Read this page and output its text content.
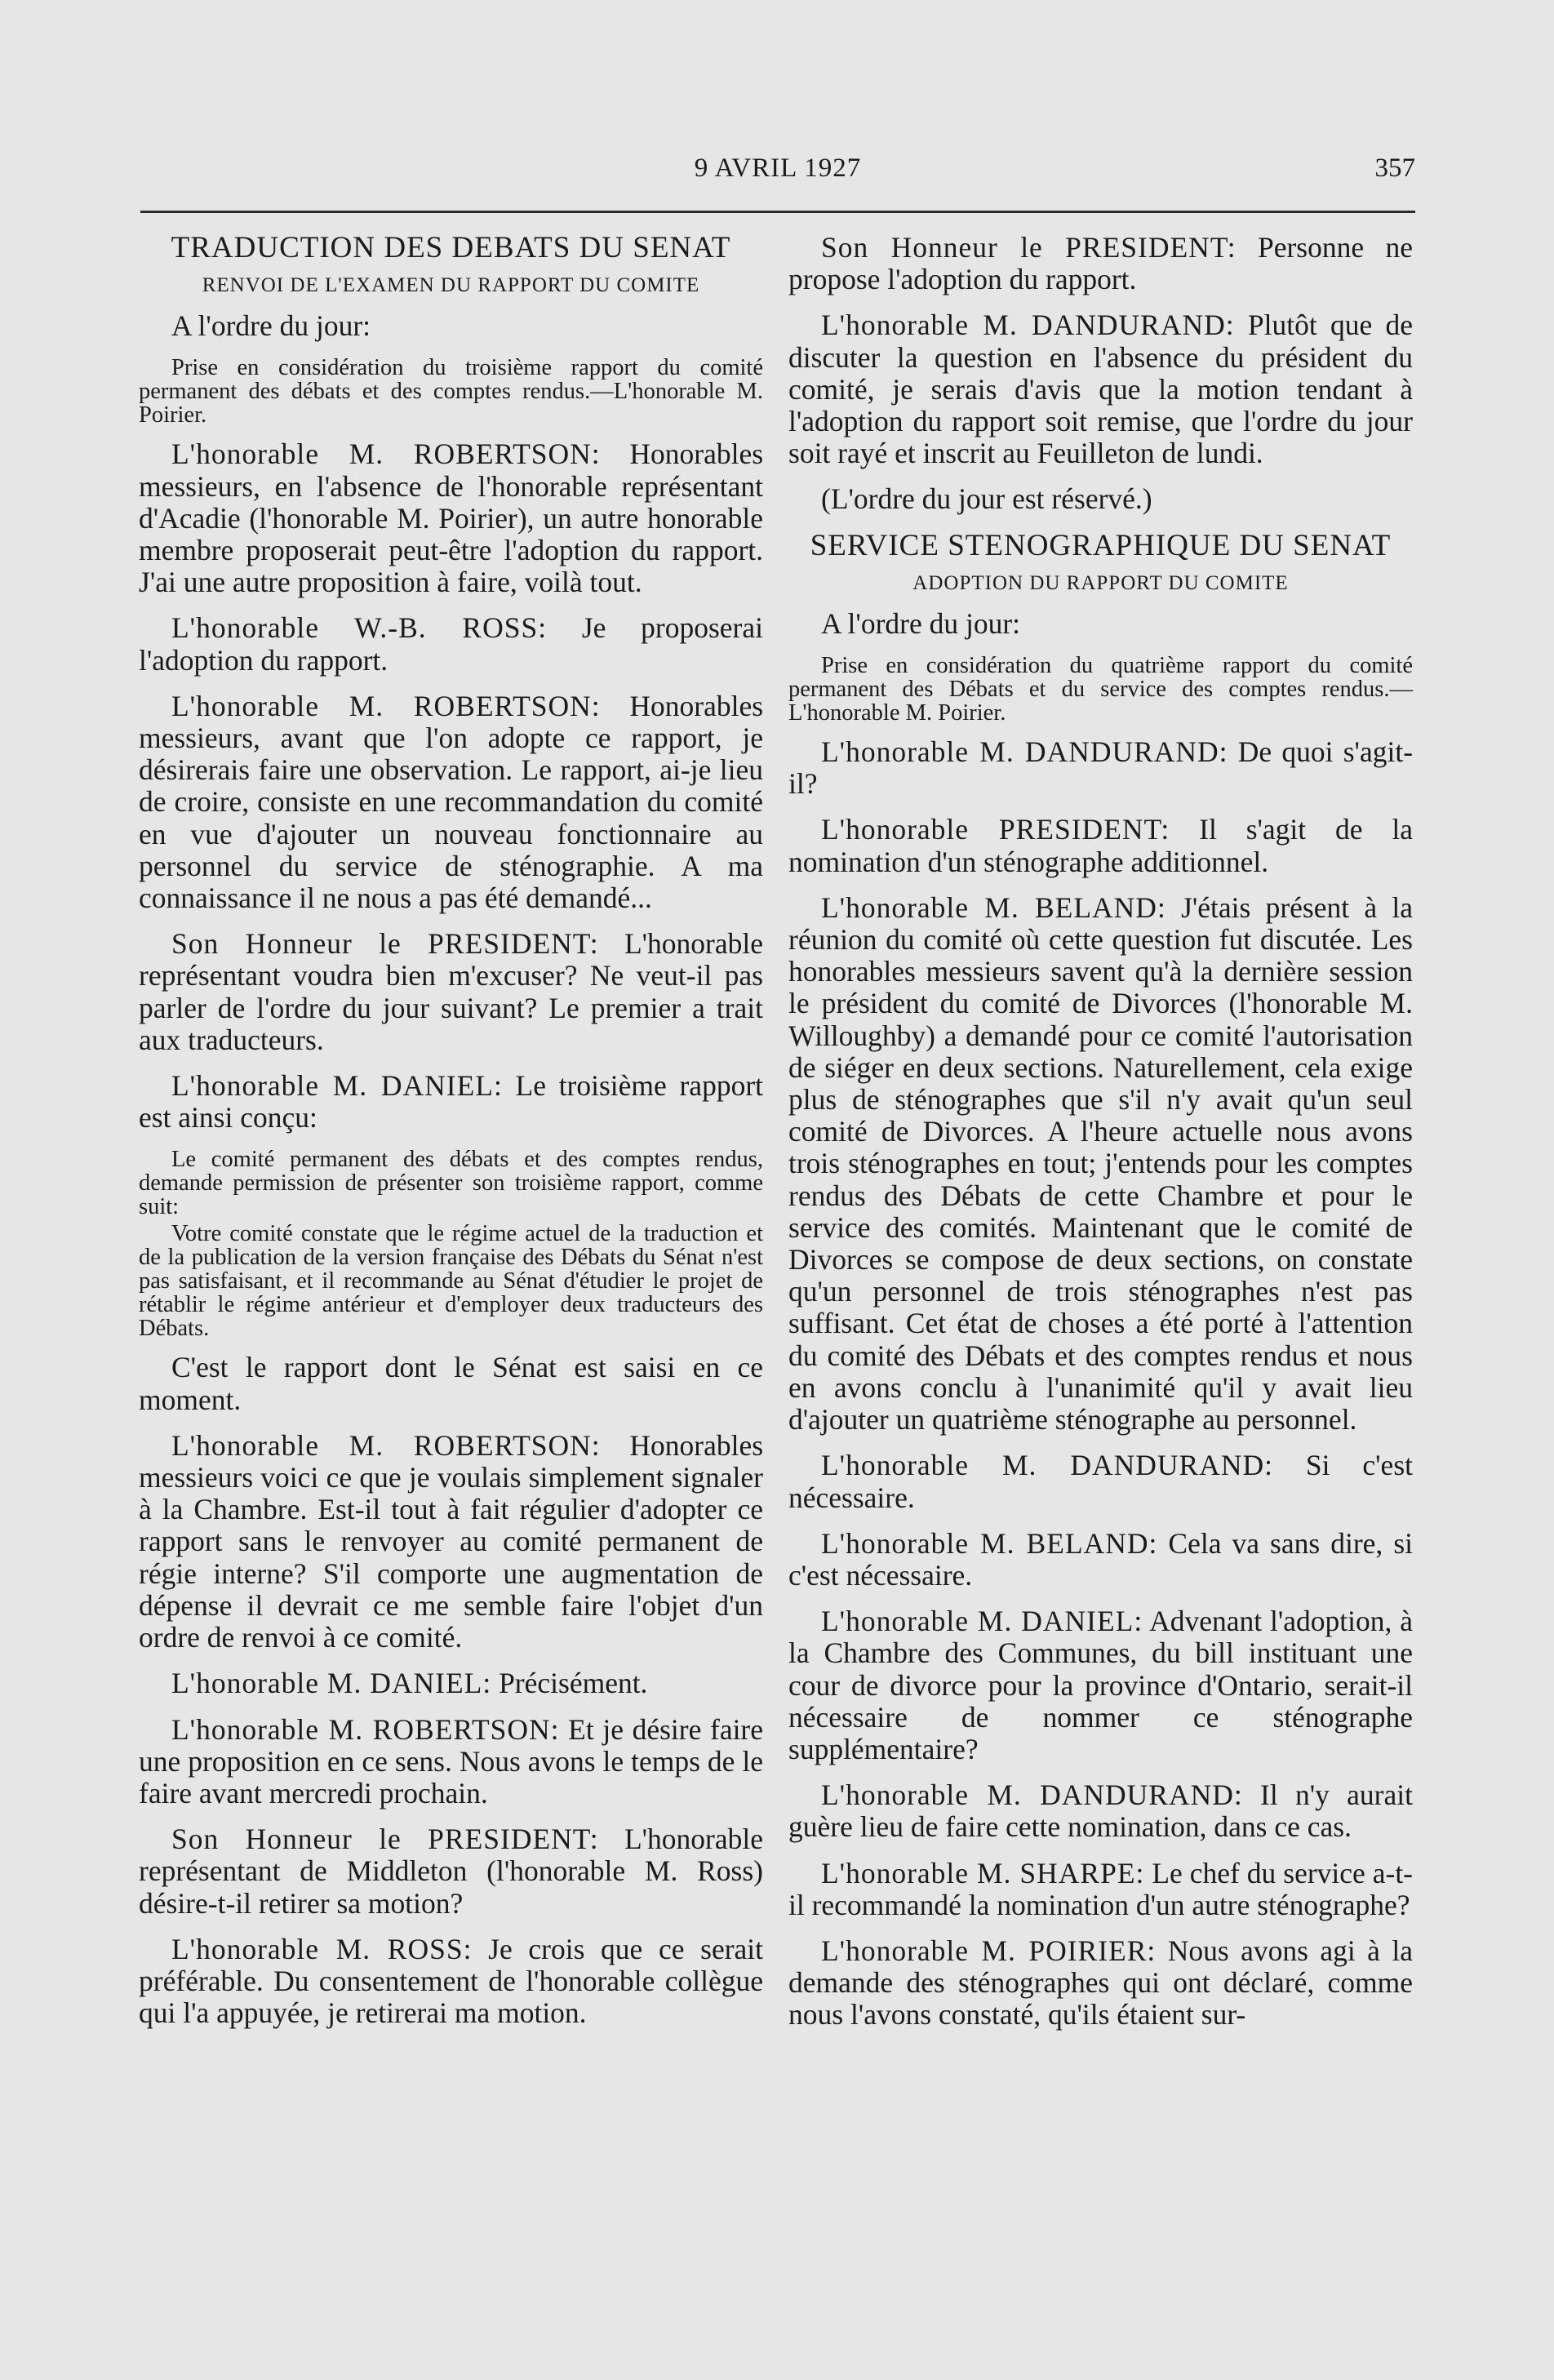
9 AVRIL 1927	357
TRADUCTION DES DEBATS DU SENAT
RENVOI DE L'EXAMEN DU RAPPORT DU COMITE

A l'ordre du jour:

Prise en considération du troisième rapport du comité permanent des débats et des comptes rendus.—L'honorable M. Poirier.

L'honorable M. ROBERTSON: Honorables messieurs, en l'absence de l'honorable représentant d'Acadie (l'honorable M. Poirier), un autre honorable membre proposerait peut-être l'adoption du rapport. J'ai une autre proposition à faire, voilà tout.

L'honorable W.-B. ROSS: Je proposerai l'adoption du rapport.

L'honorable M. ROBERTSON: Honorables messieurs, avant que l'on adopte ce rapport, je désirerais faire une observation. Le rapport, ai-je lieu de croire, consiste en une recommandation du comité en vue d'ajouter un nouveau fonctionnaire au personnel du service de sténographie. A ma connaissance il ne nous a pas été demandé...

Son Honneur le PRESIDENT: L'honorable représentant voudra bien m'excuser? Ne veut-il pas parler de l'ordre du jour suivant? Le premier a trait aux traducteurs.

L'honorable M. DANIEL: Le troisième rapport est ainsi conçu:

Le comité permanent des débats et des comptes rendus, demande permission de présenter son troisième rapport, comme suit:

Votre comité constate que le régime actuel de la traduction et de la publication de la version française des Débats du Sénat n'est pas satisfaisant, et il recommande au Sénat d'étudier le projet de rétablir le régime antérieur et d'employer deux traducteurs des Débats.

C'est le rapport dont le Sénat est saisi en ce moment.

L'honorable M. ROBERTSON: Honorables messieurs voici ce que je voulais simplement signaler à la Chambre. Est-il tout à fait régulier d'adopter ce rapport sans le renvoyer au comité permanent de régie interne? S'il comporte une augmentation de dépense il devrait ce me semble faire l'objet d'un ordre de renvoi à ce comité.

L'honorable M. DANIEL: Précisément.

L'honorable M. ROBERTSON: Et je désire faire une proposition en ce sens. Nous avons le temps de le faire avant mercredi prochain.

Son Honneur le PRESIDENT: L'honorable représentant de Middleton (l'honorable M. Ross) désire-t-il retirer sa motion?

L'honorable M. ROSS: Je crois que ce serait préférable. Du consentement de l'honorable collègue qui l'a appuyée, je retirerai ma motion.

Son Honneur le PRESIDENT: Personne ne propose l'adoption du rapport.

L'honorable M. DANDURAND: Plutôt que de discuter la question en l'absence du président du comité, je serais d'avis que la motion tendant à l'adoption du rapport soit remise, que l'ordre du jour soit rayé et inscrit au Feuilleton de lundi.

(L'ordre du jour est réservé.)

SERVICE STENOGRAPHIQUE DU SENAT
ADOPTION DU RAPPORT DU COMITE

A l'ordre du jour:

Prise en considération du quatrième rapport du comité permanent des Débats et du service des comptes rendus.—L'honorable M. Poirier.

L'honorable M. DANDURAND: De quoi s'agit-il?

L'honorable PRESIDENT: Il s'agit de la nomination d'un sténographe additionnel.

L'honorable M. BELAND: J'étais présent à la réunion du comité où cette question fut discutée. Les honorables messieurs savent qu'à la dernière session le président du comité de Divorces (l'honorable M. Willoughby) a demandé pour ce comité l'autorisation de siéger en deux sections. Naturellement, cela exige plus de sténographes que s'il n'y avait qu'un seul comité de Divorces. A l'heure actuelle nous avons trois sténographes en tout; j'entends pour les comptes rendus des Débats de cette Chambre et pour le service des comités. Maintenant que le comité de Divorces se compose de deux sections, on constate qu'un personnel de trois sténographes n'est pas suffisant. Cet état de choses a été porté à l'attention du comité des Débats et des comptes rendus et nous en avons conclu à l'unanimité qu'il y avait lieu d'ajouter un quatrième sténographe au personnel.

L'honorable M. DANDURAND: Si c'est nécessaire.

L'honorable M. BELAND: Cela va sans dire, si c'est nécessaire.

L'honorable M. DANIEL: Advenant l'adoption, à la Chambre des Communes, du bill instituant une cour de divorce pour la province d'Ontario, serait-il nécessaire de nommer ce sténographe supplémentaire?

L'honorable M. DANDURAND: Il n'y aurait guère lieu de faire cette nomination, dans ce cas.

L'honorable M. SHARPE: Le chef du service a-t-il recommandé la nomination d'un autre sténographe?

L'honorable M. POIRIER: Nous avons agi à la demande des sténographes qui ont déclaré, comme nous l'avons constaté, qu'ils étaient sur-
